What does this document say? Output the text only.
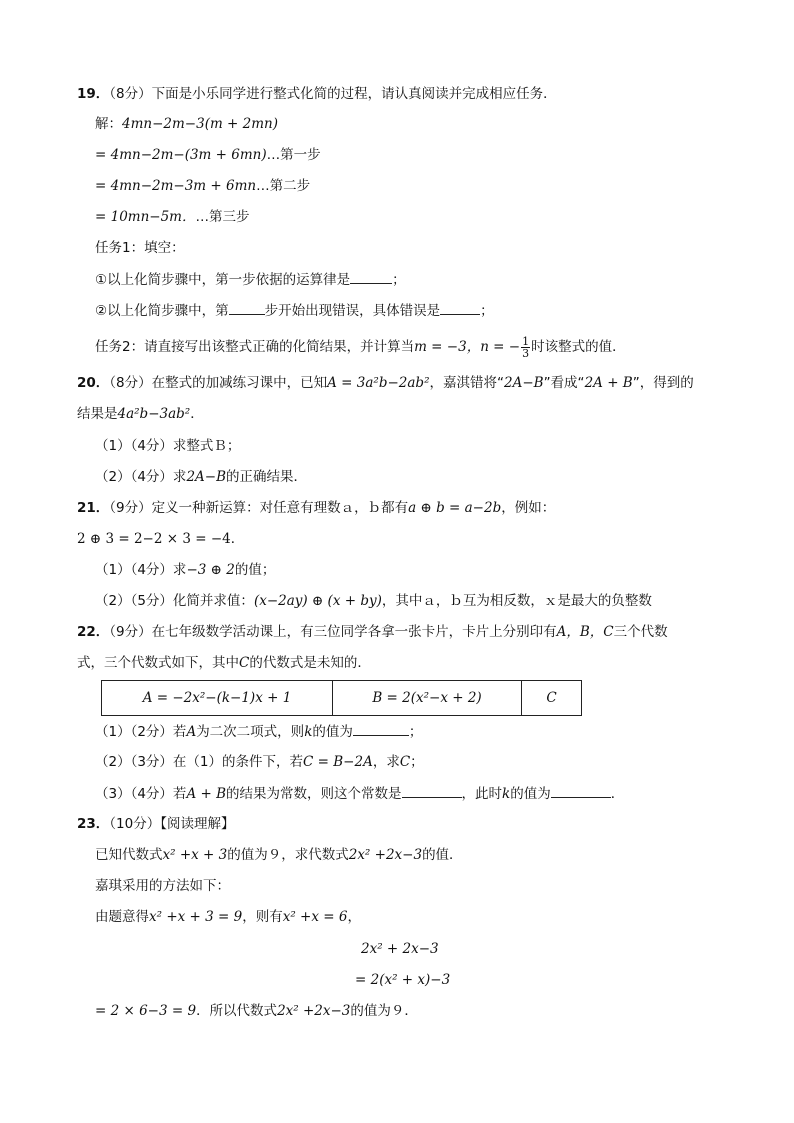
19．（8分）下面是小乐同学进行整式化简的过程，请认真阅读并完成相应任务．
解：4mn−2m−3(m + 2mn)
= 4mn−2m−(3m + 6mn)…第一步
= 4mn−2m−3m + 6mn…第二步
= 10mn−5m．…第三步
任务1：填空：
①以上化简步骤中，第一步依据的运算律是	；
②以上化简步骤中，第	步开始出现错误，具体错误是	；
任务2：请直接写出该整式正确的化简结果，并计算当m = −3，n = − $\frac{1}{3}$ 时该整式的值．
20．（8分）在整式的加减练习课中，已知A = 3a²b−2ab²，嘉淇错将“2A−B”看成“2A + B”，得到的
结果是4a²b−3ab²．
（1）（4分）求整式Ｂ；
（2）（4分）求2A−B的正确结果．
21．（9分）定义一种新运算：对任意有理数ａ，ｂ都有a ⊕ b = a−2b，例如：
2 ⊕ 3 = 2−2 × 3 = −4．
（1）（4分）求−3 ⊕ 2的值；
（2）（5分）化简并求值：(x−2ay) ⊕ (x + by)，其中ａ，ｂ互为相反数，ｘ是最大的负整数
22．（9分）在七年级数学活动课上，有三位同学各拿一张卡片，卡片上分别印有A，B，C三个代数
式，三个代数式如下，其中C的代数式是未知的．
A = −2x²−(k−1)x + 1	B = 2(x²−x + 2)	C
（1）（2分）若A为二次二项式，则k的值为	；
（2）（3分）在（1）的条件下，若C = B−2A，求C；
（3）（4分）若A + B的结果为常数，则这个常数是	，此时k的值为	．
23．（10分）【阅读理解】
已知代数式x² +x + 3的值为９，求代数式2x² +2x−3的值．
嘉琪采用的方法如下：
由题意得x² +x + 3 = 9，则有x² +x = 6，
2x² + 2x−3
= 2(x² + x)−3
= 2 × 6−3 = 9．所以代数式2x² +2x−3的值为９．
